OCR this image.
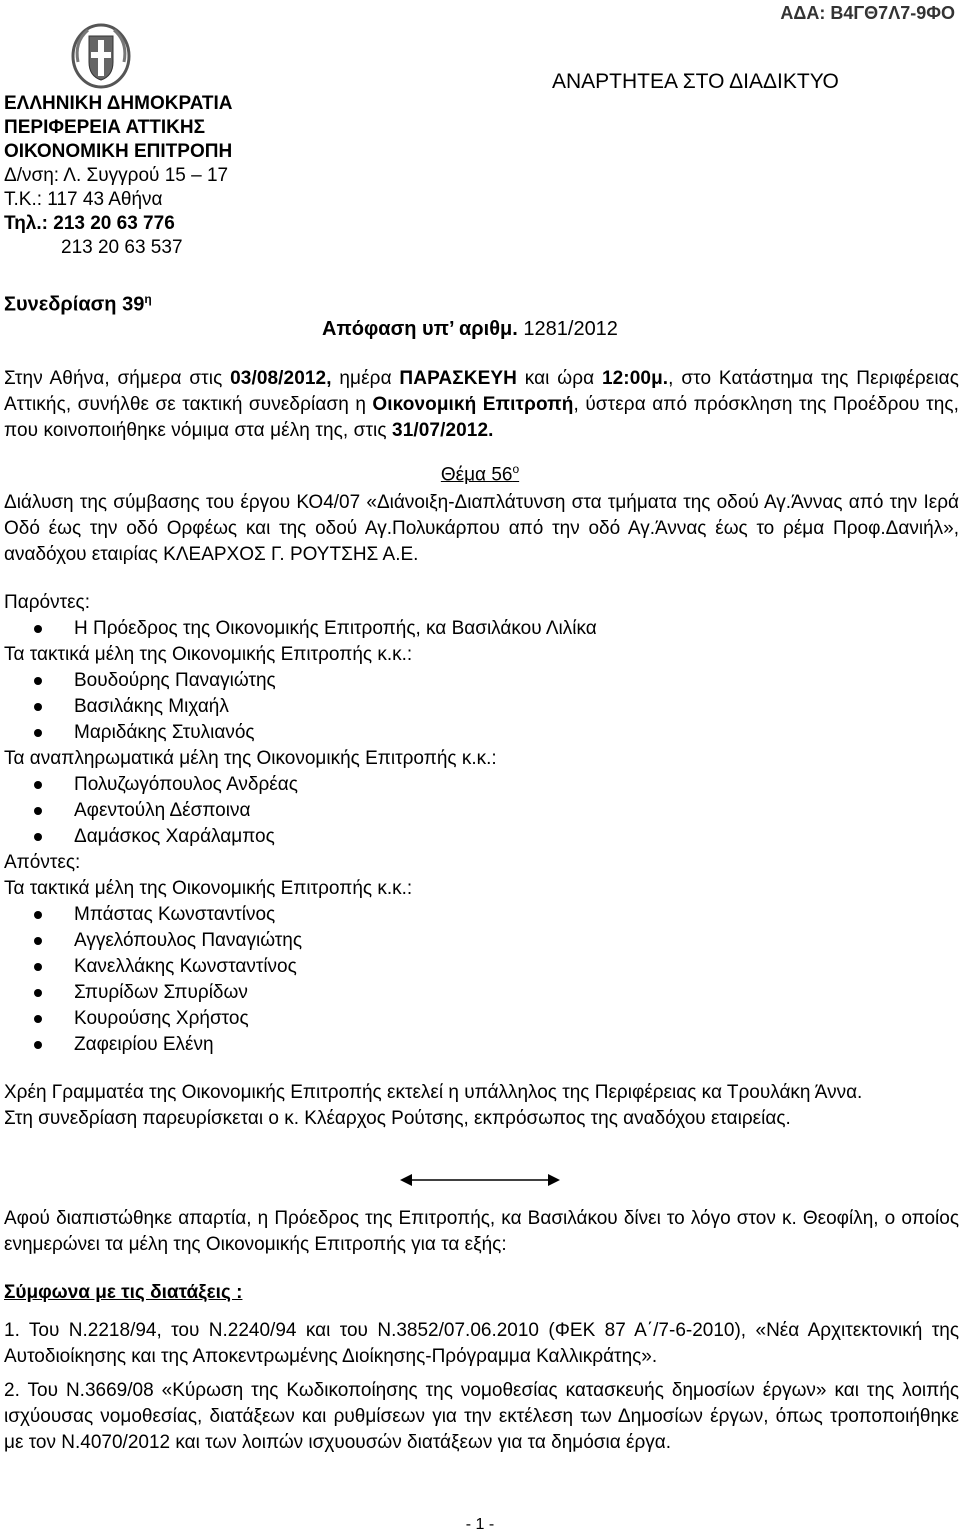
ΑΔΑ: Β4ΓΘ7Λ7-9ΦΟ
ΑΝΑΡΤΗΤΕΑ ΣΤΟ ΔΙΑΔΙΚΤΥΟ
ΕΛΛΗΝΙΚΗ ΔΗΜΟΚΡΑΤΙΑ
ΠΕΡΙΦΕΡΕΙΑ ΑΤΤΙΚΗΣ
ΟΙΚΟΝΟΜΙΚΗ ΕΠΙΤΡΟΠΗ
Δ/νση: Λ. Συγγρού 15 – 17
Τ.Κ.: 117 43 Αθήνα
Τηλ.: 213 20 63 776
213 20 63 537
Συνεδρίαση $39^\eta$
Απόφαση υπ’ αριθμ. 1281/2012
Στην Αθήνα, σήμερα στις 03/08/2012, ημέρα ΠΑΡΑΣΚΕΥΗ και ώρα 12:00μ., στο Κατάστημα της Περιφέρειας Αττικής, συνήλθε σε τακτική συνεδρίαση η Οικονομική Επιτροπή, ύστερα από πρόσκληση της Προέδρου της, που κοινοποιήθηκε νόμιμα στα μέλη της, στις 31/07/2012.
Θέμα $56^o$
Διάλυση της σύμβασης του έργου ΚΟ4/07 «Διάνοιξη-Διαπλάτυνση στα τμήματα της οδού Αγ.Άννας από την Ιερά Οδό έως την οδό Ορφέως και της οδού Αγ.Πολυκάρπου από την οδό Αγ.Άννας έως το ρέμα Προφ.Δανιήλ», αναδόχου εταιρίας ΚΛΕΑΡΧΟΣ Γ. ΡΟΥΤΣΗΣ Α.Ε.
Παρόντες:
Η Πρόεδρος της Οικονομικής Επιτροπής, κα Βασιλάκου Λιλίκα
Τα τακτικά μέλη της Οικονομικής Επιτροπής κ.κ.:
Βουδούρης Παναγιώτης
Βασιλάκης Μιχαήλ
Μαριδάκης Στυλιανός
Τα αναπληρωματικά μέλη της Οικονομικής Επιτροπής κ.κ.:
Πολυζωγόπουλος Ανδρέας
Αφεντούλη Δέσποινα
Δαμάσκος Χαράλαμπος
Απόντες:
Τα τακτικά μέλη της Οικονομικής Επιτροπής κ.κ.:
Μπάστας Κωνσταντίνος
Αγγελόπουλος Παναγιώτης
Κανελλάκης Κωνσταντίνος
Σπυρίδων Σπυρίδων
Κουρούσης Χρήστος
Ζαφειρίου Ελένη
Χρέη Γραμματέα της Οικονομικής Επιτροπής εκτελεί η υπάλληλος της Περιφέρειας κα Τρουλάκη Άννα.
Στη συνεδρίαση παρευρίσκεται ο κ. Κλέαρχος Ρούτσης, εκπρόσωπος της αναδόχου εταιρείας.
Αφού διαπιστώθηκε απαρτία, η Πρόεδρος της Επιτροπής, κα Βασιλάκου δίνει το λόγο στον κ. Θεοφίλη, ο οποίος ενημερώνει τα μέλη της Οικονομικής Επιτροπής για τα εξής:
Σύμφωνα με τις διατάξεις :
1. Του Ν.2218/94, του Ν.2240/94 και του Ν.3852/07.06.2010 (ΦΕΚ 87 Α΄/7-6-2010), «Νέα Αρχιτεκτονική της Αυτοδιοίκησης και της Αποκεντρωμένης Διοίκησης-Πρόγραμμα Καλλικράτης».
2. Του Ν.3669/08 «Κύρωση της Κωδικοποίησης της νομοθεσίας κατασκευής δημοσίων έργων» και της λοιπής ισχύουσας νομοθεσίας, διατάξεων και ρυθμίσεων για την εκτέλεση των Δημοσίων έργων, όπως τροποποιήθηκε με τον Ν.4070/2012 και των λοιπών ισχυουσών διατάξεων για τα δημόσια έργα.
- 1 -
